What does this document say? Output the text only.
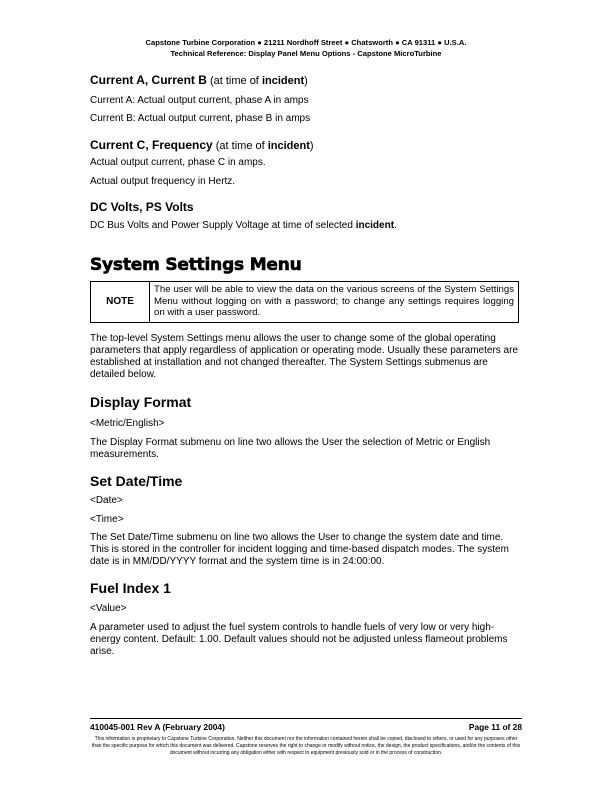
Capstone Turbine Corporation ● 21211 Nordhoff Street ● Chatsworth ● CA 91311 ● U.S.A.
Technical Reference: Display Panel Menu Options - Capstone MicroTurbine
Current A, Current B (at time of incident)
Current A: Actual output current, phase A in amps
Current B: Actual output current, phase B in amps
Current C, Frequency (at time of incident)
Actual output current, phase C in amps.
Actual output frequency in Hertz.
DC Volts, PS Volts
DC Bus Volts and Power Supply Voltage at time of selected incident.
System Settings Menu
NOTE	The user will be able to view the data on the various screens of the System Settings Menu without logging on with a password; to change any settings requires logging on with a user password.
The top-level System Settings menu allows the user to change some of the global operating parameters that apply regardless of application or operating mode. Usually these parameters are established at installation and not changed thereafter. The System Settings submenus are detailed below.
Display Format
<Metric/English>
The Display Format submenu on line two allows the User the selection of Metric or English measurements.
Set Date/Time
<Date>
<Time>
The Set Date/Time submenu on line two allows the User to change the system date and time. This is stored in the controller for incident logging and time-based dispatch modes. The system date is in MM/DD/YYYY format and the system time is in 24:00:00.
Fuel Index 1
<Value>
A parameter used to adjust the fuel system controls to handle fuels of very low or very high-energy content. Default: 1.00. Default values should not be adjusted unless flameout problems arise.
410045-001 Rev A (February 2004)	Page 11 of 28
This information is proprietary to Capstone Turbine Corporation. Neither this document nor the information contained herein shall be copied, disclosed to others, or used for any purposes other than the specific purpose for which this document was delivered. Capstone reserves the right to change or modify without notice, the design, the product specifications, and/or the contents of this document without incurring any obligation either with respect to equipment previously sold or in the process of construction.
